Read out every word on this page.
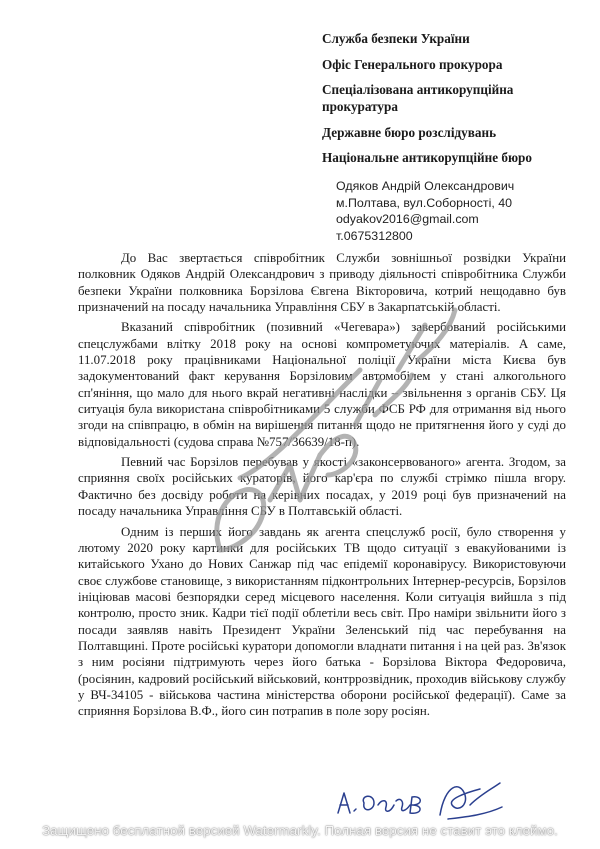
Служба безпеки України
Офіс Генерального прокурора
Спеціалізована антикорупційна прокуратура
Державне бюро розслідувань
Національне антикорупційне бюро
Одяков Андрій Олександрович
м.Полтава, вул.Соборності, 40
odyakov2016@gmail.com
т.0675312800

До Вас звертається співробітник Служби зовнішньої розвідки України полковник Одяков Андрій Олександрович з приводу діяльності співробітника Служби безпеки України полковника Борзілова Євгена Вікторовича, котрий нещодавно був призначений на посаду начальника Управління СБУ в Закарпатській області.

Вказаний співробітник (позивний «Чегевара») завербований російськими спецслужбами влітку 2018 року на основі компрометуючих матеріалів. А саме, 11.07.2018 року працівниками Національної поліції України міста Києва був задокументований факт керування Борзіловим автомобілем у стані алкогольного сп'яніння, що мало для нього вкрай негативні наслідки – звільнення з органів СБУ. Ця ситуація була використана співробітниками 5 служби ФСБ РФ для отримання від нього згоди на співпрацю, в обмін на вирішення питання щодо не притягнення його у суді до відповідальності (судова справа №757/36639/18-п).

Певний час Борзілов перебував у якості «законсервованого» агента. Згодом, за сприяння своїх російських кураторів, його кар'єра по службі стрімко пішла вгору. Фактично без досвіду роботи на керівних посадах, у 2019 році був призначений на посаду начальника Управління СБУ в Полтавській області.

Одним із перших його завдань як агента спецслужб росії, було створення у лютому 2020 року картинки для російських ТВ щодо ситуації з евакуйованими із китайського Ухано до Нових Санжар під час епідемії коронавірусу. Використовуючи своє службове становище, з використанням підконтрольних Інтернер-ресурсів, Борзілов ініціював масові безпорядки серед місцевого населення. Коли ситуація вийшла з під контролю, просто зник. Кадри тієї події облетіли весь світ. Про наміри звільнити його з посади заявляв навіть Президент України Зеленський під час перебування на Полтавщині. Проте російські куратори допомогли владнати питання і на цей раз. Зв'язок з ним росіяни підтримують через його батька - Борзілова Віктора Федоровича, (росіянин, кадровий російський військовий, контррозвідник, проходив військову службу у ВЧ-34105 - військова частина міністерства оборони російської федерації). Саме за сприяння Борзілова В.Ф., його син потрапив в поле зору росіян.

Защищено бесплатной версией Watermarkly. Полная версия не ставит это клеймо.
